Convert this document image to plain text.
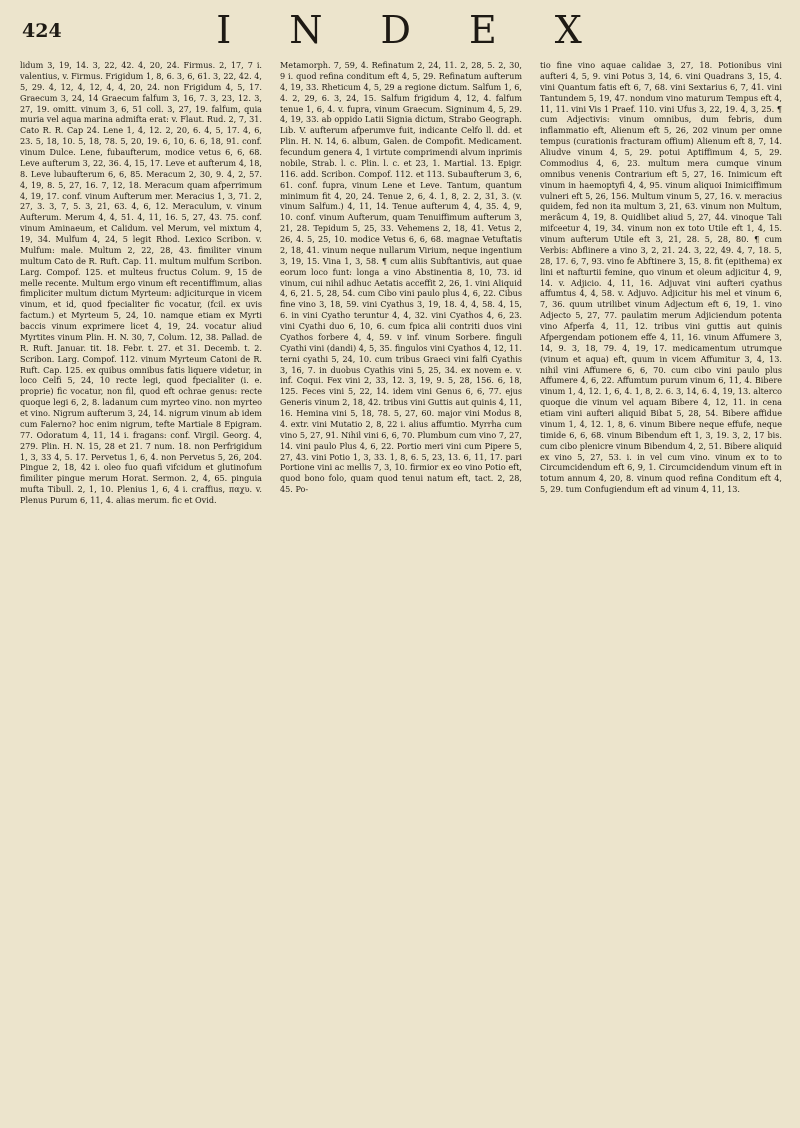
424	INDEX
lidum 3, 19, 14. 3, 22, 42. 4, 20, 24. Firmus. 2, 17, 7 i. valentius, v. Firmus. Frigidum 1, 8, 6. 3, 6, 61. 3, 22, 42. 4, 5, 29. 4, 12, 4, 12, 4, 4, 20, 24. non Frigidum 4, 5, 17. Graecum 3, 24, 14 Graecum falfum 3, 16, 7. 3, 23, 12. 3, 27, 19. omitt. vinum 3, 6, 51 coll. 3, 27, 19. falfum, quia muria vel aqua marina admifta erat: v. Flaut. Rud. 2, 7, 31. Cato R. R. Cap 24. Lene 1, 4, 12. 2, 20, 6. 4, 5, 17. 4, 6, 23. 5, 18, 10. 5, 18, 78. 5, 20, 19. 6, 10, 6. 6, 18, 91. conf. vinum Dulce. Lene, fubaufterum, modice vetus 6, 6, 68. Leve aufterum 3, 22, 36. 4, 15, 17. Leve et aufterum 4, 18, 8. Leve lubaufterum 6, 6, 85. Meracum 2, 30, 9. 4, 2, 57. 4, 19, 8. 5, 27, 16. 7, 12, 18. Meracum quam afperrimum 4, 19, 17. conf. vinum Aufterum mer. Meracius 1, 3, 71. 2, 27, 3. 3, 7, 5. 3, 21, 63. 4, 6, 12. Meraculum, v. vinum Aufterum. Merum 4, 4, 51. 4, 11, 16. 5, 27, 43. 75. conf. vinum Aminaeum, et Calidum. vel Merum, vel mixtum 4, 19, 34. Mulfum 4, 24, 5 legit Rhod. Lexico Scribon. v. Mulfum: male. Multum 2, 22, 28, 43. fimiliter vinum multum Cato de R. Ruft. Cap. 11. multum mulfum Scribon. Larg. Compof. 125. et multeus fructus Colum. 9, 15 de melle recente. Multum ergo vinum eft recentiffimum, alias fimpliciter multum dictum Myrteum: adjiciturque in vicem vinum, et id, quod fpecialiter fic vocatur, (fcil. ex uvis factum.) et Myrteum 5, 24, 10. namque etiam ex Myrti baccis vinum exprimere licet 4, 19, 24. vocatur aliud Myrtites vinum Plin. H. N. 30, 7, Colum. 12, 38. Pallad. de R. Ruft. Januar. tit. 18. Febr. t. 27. et 31. Decemb. t. 2. Scribon. Larg. Compof. 112. vinum Myrteum Catoni de R. Ruft. Cap. 125. ex quibus omnibus fatis liquere videtur, in loco Celfi 5, 24, 10 recte legi, quod fpecialiter (i. e. proprie) fic vocatur, non fil, quod eft ochrae genus: recte quoque legi 6, 2, 8. ladanum cum myrteo vino. non myrteo et vino. Nigrum aufterum 3, 24, 14. nigrum vinum ab idem cum Falerno? hoc enim nigrum, tefte Martiale 8 Epigram. 77. Odoratum 4, 11, 14 i. fragans: conf. Virgil. Georg. 4, 279. Plin. H. N. 15, 28 et 21. 7 num. 18. non Perfrigidum 1, 3, 33 4, 5. 17. Pervetus 1, 6, 4. non Pervetus 5, 26, 204. Pingue 2, 18, 42 i. oleo fuo quafi vifcidum et glutinofum fimiliter pingue merum Horat. Sermon. 2, 4, 65. pinguia mufta Tibull. 2, 1, 10. Plenius 1, 6, 4 i. craffius, παχυ. v. Plenus Purum 6, 11, 4. alias merum. fic et Ovid.
Metamorph. 7, 59, 4. Refinatum 2, 24, 11. 2, 28, 5. 2, 30, 9 i. quod refina conditum eft 4, 5, 29. Refinatum aufterum 4, 19, 33. Rheticum 4, 5, 29 a regione dictum. Salfum 1, 6, 4. 2, 29, 6. 3, 24, 15. Salfum frigidum 4, 12, 4. falfum tenue 1, 6, 4. v. fupra, vinum Graecum. Signinum 4, 5, 29. 4, 19, 33. ab oppido Latii Signia dictum, Strabo Geograph. Lib. V. aufterum afperumve fuit, indicante Celfo ll. dd. et Plin. H. N. 14, 6. album, Galen. de Compofit. Medicament. fecundum genera 4, 1 virtute comprimendi alvum inprimis nobile, Strab. l. c. Plin. l. c. et 23, 1. Martial. 13. Epigr. 116. add. Scribon. Compof. 112. et 113. Subaufterum 3, 6, 61. conf. fupra, vinum Lene et Leve. Tantum, quantum minimum fit 4, 20, 24. Tenue 2, 6, 4. 1, 8, 2. 2, 31, 3. (v. vinum Salfum.) 4, 11, 14. Tenue aufterum 4, 4, 35. 4, 9, 10. conf. vinum Aufterum, quam Tenuiffimum aufterum 3, 21, 28. Tepidum 5, 25, 33. Vehemens 2, 18, 41. Vetus 2, 26, 4. 5, 25, 10. modice Vetus 6, 6, 68. magnae Vetuftatis 2, 18, 41. vinum neque nullarum Virium, neque ingentium 3, 19, 15. Vina 1, 3, 58. ¶ cum aliis Subftantivis, aut quae eorum loco funt: longa a vino Abstinentia 8, 10, 73. id vinum, cui nihil adhuc Aetatis acceffit 2, 26, 1. vini Aliquid 4, 6, 21. 5, 28, 54. cum Cibo vini paulo plus 4, 6, 22. Cibus fine vino 3, 18, 59. vini Cyathus 3, 19, 18. 4, 4, 58. 4, 15, 6. in vini Cyatho teruntur 4, 4, 32. vini Cyathos 4, 6, 23. vini Cyathi duo 6, 10, 6. cum fpica alii contriti duos vini Cyathos forbere 4, 4, 59. v inf. vinum Sorbere. finguli Cyathi vini (dandi) 4, 5, 35. fingulos vini Cyathos 4, 12, 11. terni cyathi 5, 24, 10. cum tribus Graeci vini falfi Cyathis 3, 16, 7. in duobus Cyathis vini 5, 25, 34. ex novem e. v. inf. Coqui. Fex vini 2, 33, 12. 3, 19, 9. 5, 28, 156. 6, 18, 125. Feces vini 5, 22, 14. idem vini Genus 6, 6, 77. ejus Generis vinum 2, 18, 42. tribus vini Guttis aut quinis 4, 11, 16. Hemina vini 5, 18, 78. 5, 27, 60. major vini Modus 8, 4. extr. vini Mutatio 2, 8, 22 i. alius affumtio. Myrrha cum vino 5, 27, 91. Nihil vini 6, 6, 70. Plumbum cum vino 7, 27, 14. vini paulo Plus 4, 6, 22. Portio meri vini cum Pipere 5, 27, 43. vini Potio 1, 3, 33. 1, 8, 6. 5, 23, 13. 6, 11, 17. pari Portione vini ac mellis 7, 3, 10. firmior ex eo vino Potio eft, quod bono folo, quam quod tenui natum eft, tact. 2, 28, 45. Po-
tio fine vino aquae calidae 3, 27, 18. Potionibus vini aufteri 4, 5, 9. vini Potus 3, 14, 6. vini Quadrans 3, 15, 4. vini Quantum fatis eft 6, 7, 68. vini Sextarius 6, 7, 41. vini Tantundem 5, 19, 47. nondum vino maturum Tempus eft 4, 11, 11. vini Vis 1 Praef. 110. vini Ufus 3, 22, 19. 4, 3, 25. ¶ cum Adjectivis: vinum omnibus, dum febris, dum inflammatio eft, Alienum eft 5, 26, 202 vinum per omne tempus (curationis fracturam offium) Alienum eft 8, 7, 14. Aliudve vinum 4, 5, 29. potui Aptiffimum 4, 5, 29. Commodius 4, 6, 23. multum mera cumque vinum omnibus venenis Contrarium eft 5, 27, 16. Inimicum eft vinum in haemoptyfi 4, 4, 95. vinum aliquoi Inimiciffimum vulneri eft 5, 26, 156. Multum vinum 5, 27, 16. v. meracius quidem, fed non ita multum 3, 21, 63. vinum non Multum, merâcum 4, 19, 8. Quidlibet aliud 5, 27, 44. vinoque Tali mifceetur 4, 19, 34. vinum non ex toto Utile eft 1, 4, 15. vinum aufterum Utile eft 3, 21, 28. 5, 28, 80. ¶ cum Verbis: Abflinere a vino 3, 2, 21. 24. 3, 22, 49. 4, 7, 18. 5, 28, 17. 6, 7, 93. vino fe Abftinere 3, 15, 8. fit (epithema) ex lini et nafturtii femine, quo vinum et oleum adjicitur 4, 9, 14. v. Adjicio. 4, 11, 16. Adjuvat vini aufteri cyathus affumtus 4, 4, 58. v. Adjuvo. Adjicitur his mel et vinum 6, 7, 36. quum utrilibet vinum Adjectum eft 6, 19, 1. vino Adjecto 5, 27, 77. paulatim merum Adjiciendum potenta vino Afperfa 4, 11, 12. tribus vini guttis aut quinis Afpergendam potionem effe 4, 11, 16. vinum Affumere 3, 14, 9. 3, 18, 79. 4, 19, 17. medicamentum utrumque (vinum et aqua) eft, quum in vicem Affumitur 3, 4, 13. nihil vini Affumere 6, 6, 70. cum cibo vini paulo plus Affumere 4, 6, 22. Affumtum purum vinum 6, 11, 4. Bibere vinum 1, 4, 12. 1, 6, 4. 1, 8, 2. 6. 3, 14, 6. 4, 19, 13. alterco quoque die vinum vel aquam Bibere 4, 12, 11. in cena etiam vini aufteri aliquid Bibat 5, 28, 54. Bibere affidue vinum 1, 4, 12. 1, 8, 6. vinum Bibere neque effufe, neque timide 6, 6, 68. vinum Bibendum eft 1, 3, 19. 3, 2, 17 bis. cum cibo plenicre vinum Bibendum 4, 2, 51. Bibere aliquid ex vino 5, 27, 53. i. in vel cum vino. vinum ex to to Circumcidendum eft 6, 9, 1. Circumcidendum vinum eft in totum annum 4, 20, 8. vinum quod refina Conditum eft 4, 5, 29. tum Confugiendum eft ad vinum 4, 11, 13.
